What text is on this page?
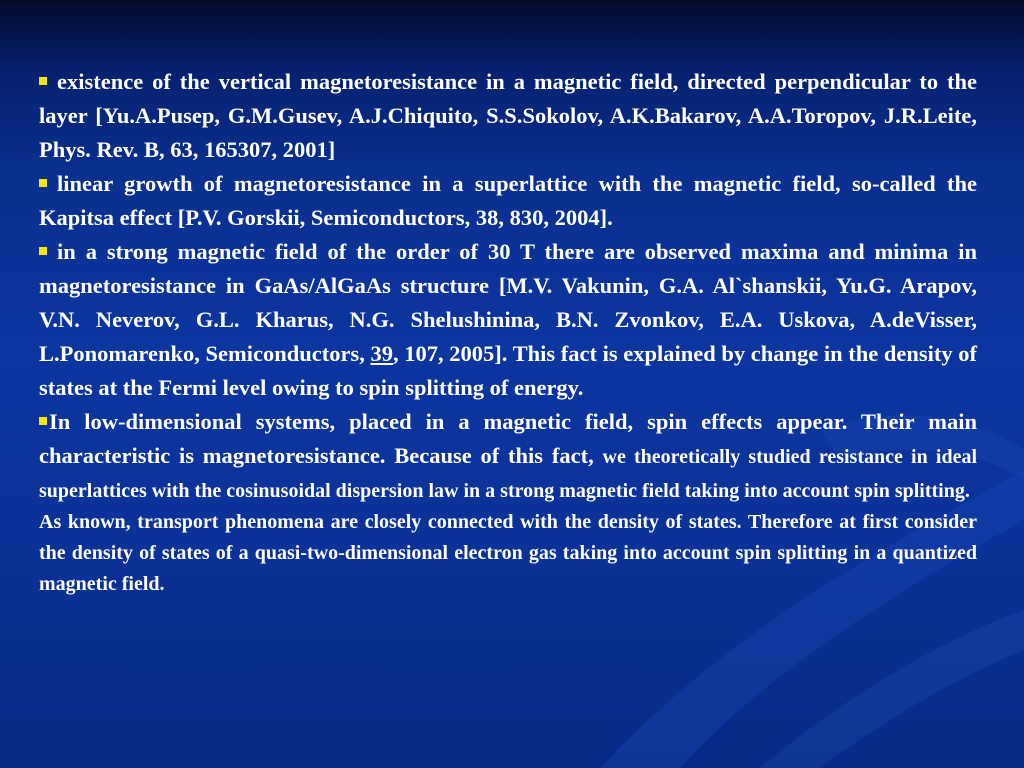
existence of the vertical magnetoresistance in a magnetic field, directed perpendicular to the layer [Yu.A.Pusep, G.M.Gusev, A.J.Chiquito, S.S.Sokolov, A.K.Bakarov, A.A.Toropov, J.R.Leite, Phys. Rev. B, 63, 165307, 2001]

linear growth of magnetoresistance in a superlattice with the magnetic field, so-called the Kapitsa effect [P.V. Gorskii, Semiconductors, 38, 830, 2004].

in a strong magnetic field of the order of 30 T there are observed maxima and minima in magnetoresistance in GaAs/AlGaAs structure [M.V. Vakunin, G.A. Al`shanskii, Yu.G. Arapov, V.N. Neverov, G.L. Kharus, N.G. Shelushinina, B.N. Zvonkov, E.A. Uskova, A.deVisser, L.Ponomarenko, Semiconductors, 39, 107, 2005]. This fact is explained by change in the density of states at the Fermi level owing to spin splitting of energy.

In low-dimensional systems, placed in a magnetic field, spin effects appear. Their main characteristic is magnetoresistance. Because of this fact, we theoretically studied resistance in ideal superlattices with the cosinusoidal dispersion law in a strong magnetic field taking into account spin splitting.

As known, transport phenomena are closely connected with the density of states. Therefore at first consider the density of states of a quasi-two-dimensional electron gas taking into account spin splitting in a quantized magnetic field.
